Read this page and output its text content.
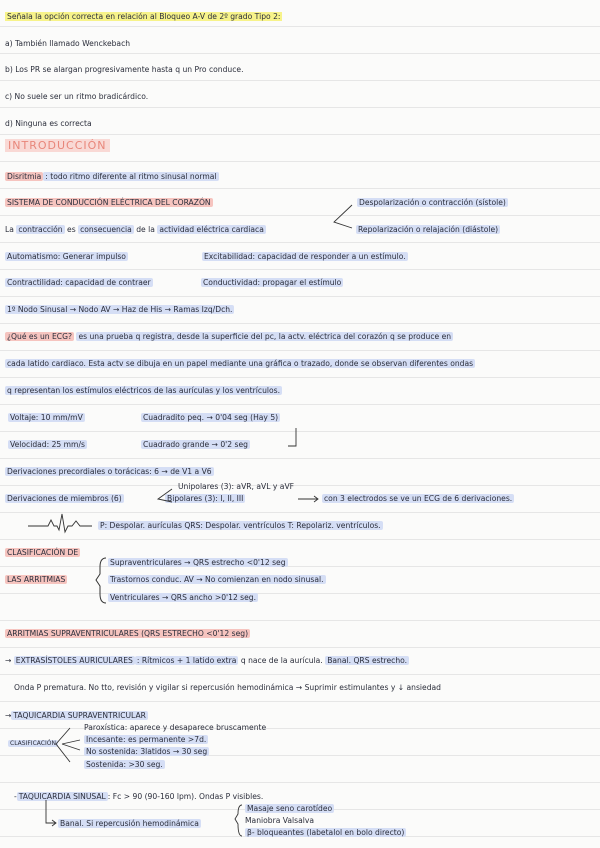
Señala la opción correcta en relación al Bloqueo A-V de 2º grado Tipo 2:
a) También llamado Wenckebach
b) Los PR se alargan progresivamente hasta q un Pro conduce.
c) No suele ser un ritmo bradicárdico.
d) Ninguna es correcta
INTRODUCCIÓN
Disritmia : todo ritmo diferente al ritmo sinusal normal
SISTEMA DE CONDUCCIÓN ELÉCTRICA DEL CORAZÓN	Despolarización o contracción (sístole)
La contracción es consecuencia de la actividad eléctrica cardiaca	Repolarización o relajación (diástole)
Automatismo: Generar impulso	Excitabilidad: capacidad de responder a un estímulo.
Contractilidad: capacidad de contraer	Conductividad: propagar el estímulo
1º Nodo Sinusal → Nodo AV → Haz de His → Ramas Izq/Dch.
¿Qué es un ECG? es una prueba q registra, desde la superficie del pc, la actv. eléctrica del corazón q se produce en
cada latido cardiaco. Esta actv se dibuja en un papel mediante una gráfica o trazado, donde se observan diferentes ondas
q representan los estímulos eléctricos de las aurículas y los ventrículos.
Voltaje: 10 mm/mV	Cuadradito peq. → 0'04 seg (Hay 5)
Velocidad: 25 mm/s	Cuadrado grande → 0'2 seg
Derivaciones precordiales o torácicas: 6 → de V1 a V6
Unipolares (3): aVR, aVL y aVF
Derivaciones de miembros (6)	Bipolares (3): I, II, III	con 3 electrodos se ve un ECG de 6 derivaciones.
P: Despolar. aurículas QRS: Despolar. ventrículos T: Repolariz. ventrículos.
CLASIFICACIÓN DE
LAS ARRITMIAS
Supraventriculares → QRS estrecho <0'12 seg
Trastornos conduc. AV → No comienzan en nodo sinusal.
Ventriculares → QRS ancho >0'12 seg.
ARRITMIAS SUPRAVENTRICULARES (QRS ESTRECHO <0'12 seg)
→ EXTRASÍSTOLES AURICULARES : Rítmicos + 1 latido extra q nace de la aurícula. Banal. QRS estrecho.
Onda P prematura. No tto, revisión y vigilar si repercusión hemodinámica → Suprimir estimulantes y ↓ ansiedad
→ TAQUICARDIA SUPRAVENTRICULAR
CLASIFICACIÓN
Paroxística: aparece y desaparece bruscamente
Incesante: es permanente >7d.
No sostenida: 3latidos → 30 seg
Sostenida: >30 seg.
- TAQUICARDIA SINUSAL : Fc > 90 (90-160 lpm). Ondas P visibles.
Banal. Si repercusión hemodinámica
Masaje seno carotídeo
Maniobra Valsalva
β- bloqueantes (labetalol en bolo directo)
